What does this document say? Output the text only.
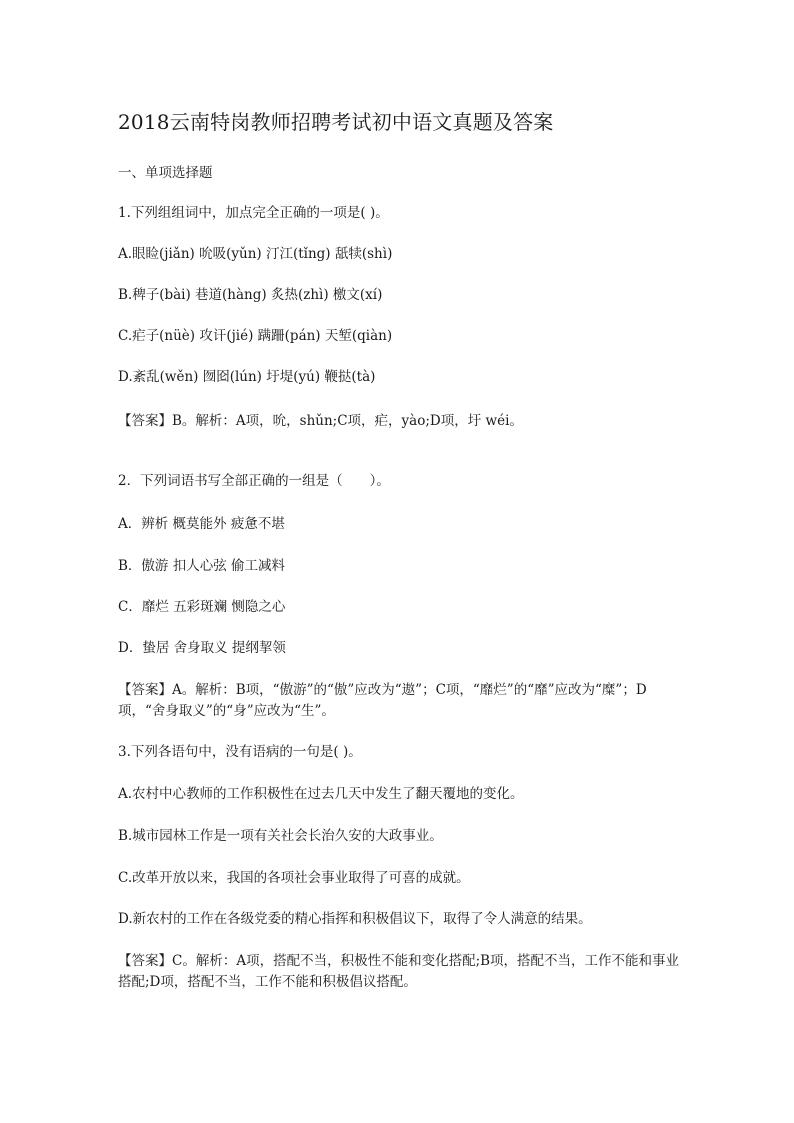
2018云南特岗教师招聘考试初中语文真题及答案
一、单项选择题
1.下列组组词中，加点完全正确的一项是( )。
A.眼睑(jiǎn) 吮吸(yǔn) 汀江(tǐng) 舐犊(shì)
B.稗子(bài) 巷道(hàng) 炙热(zhì) 檄文(xí)
C.疟子(nüè) 攻讦(jié) 蹒跚(pán) 天堑(qiàn)
D.紊乱(wěn) 囫囵(lún) 圩堤(yú) 鞭挞(tà)
【答案】B。解析：A项，吮，shǔn;C项，疟，yào;D项，圩 wéi。
2．下列词语书写全部正确的一组是（　　）。
A．辨析 概莫能外 疲惫不堪
B．傲游 扣人心弦 偷工减料
C．靡烂 五彩斑斓 恻隐之心
D．蛰居 舍身取义 提纲挈领
【答案】A。解析：B项，“傲游”的“傲”应改为“遨”；C项，“靡烂”的“靡”应改为“糜”；D项，“舍身取义”的“身”应改为“生”。
3.下列各语句中，没有语病的一句是( )。
A.农村中心教师的工作积极性在过去几天中发生了翻天覆地的变化。
B.城市园林工作是一项有关社会长治久安的大政事业。
C.改革开放以来，我国的各项社会事业取得了可喜的成就。
D.新农村的工作在各级党委的精心指挥和积极倡议下，取得了令人满意的结果。
【答案】C。解析：A项，搭配不当，积极性不能和变化搭配;B项，搭配不当，工作不能和事业搭配;D项，搭配不当，工作不能和积极倡议搭配。
